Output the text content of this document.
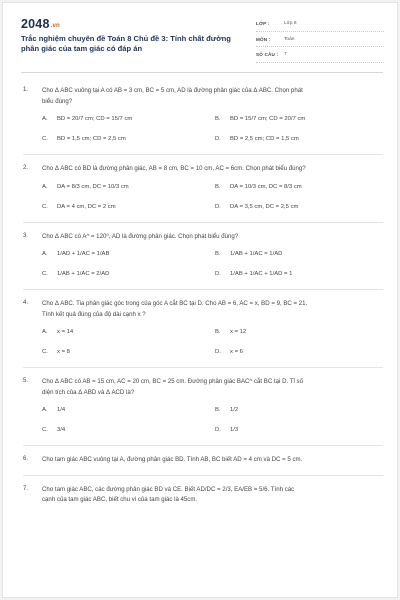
2048.vn
Trắc nghiệm chuyên đề Toán 8 Chủ đề 3: Tính chất đường
phân giác của tam giác có đáp án
LỚP :	Lớp 8
MÔN :	Toán
SỐ CÂU : 7
1. Cho Δ ABC vuông tại A có AB = 3 cm, BC = 5 cm, AD là đường phân giác của Δ ABC. Chọn phát
biểu đúng?
A. BD = 20/7 cm; CD = 15/7 cm	B. BD = 15/7 cm; CD = 20/7 cm
C. BD = 1,5 cm; CD = 2,5 cm	D. BD = 2,5 cm; CD = 1,5 cm
2. Cho Δ ABC có BD là đường phân giác, AB = 8 cm, BC = 10 cm, AC = 6cm. Chọn phát biểu đúng?
A. DA = 8/3 cm, DC = 10/3 cm	B. DA = 10/3 cm, DC = 8/3 cm
C. DA = 4 cm, DC = 2 cm	D. DA = 3,5 cm, DC = 2,5 cm
3. Cho Δ ABC có A^ = 120⁰, AD là đường phân giác. Chọn phát biểu đúng?
A. 1/AD + 1/AC = 1/AB	B. 1/AB + 1/AC = 1/AD
C. 1/AB + 1/AC = 2/AD	D. 1/AB + 1/AC + 1/AD = 1
4. Cho Δ ABC. Tia phân giác góc trong của góc A cắt BC tại D. Cho AB = 6, AC = x, BD = 9, BC = 21.
Tính kết quả đúng của độ dài cạnh x ?
A. x = 14	B. x = 12
C. x = 8	D. x = 6
5. Cho Δ ABC có AB = 15 cm, AC = 20 cm, BC = 25 cm. Đường phân giác BAC^ cắt BC tại D. Tỉ số
diện tích của Δ ABD và Δ ACD là?
A. 1/4	B. 1/2
C. 3/4	D. 1/3
6. Cho tam giác ABC vuông tại A, đường phân giác BD. Tính AB, BC biết AD = 4 cm và DC = 5 cm.
7. Cho tam giác ABC, các đường phân giác BD và CE. Biết AD/DC = 2/3, EA/EB = 5/6. Tính các
cạnh của tam giác ABC, biết chu vi của tam giác là 45cm.
